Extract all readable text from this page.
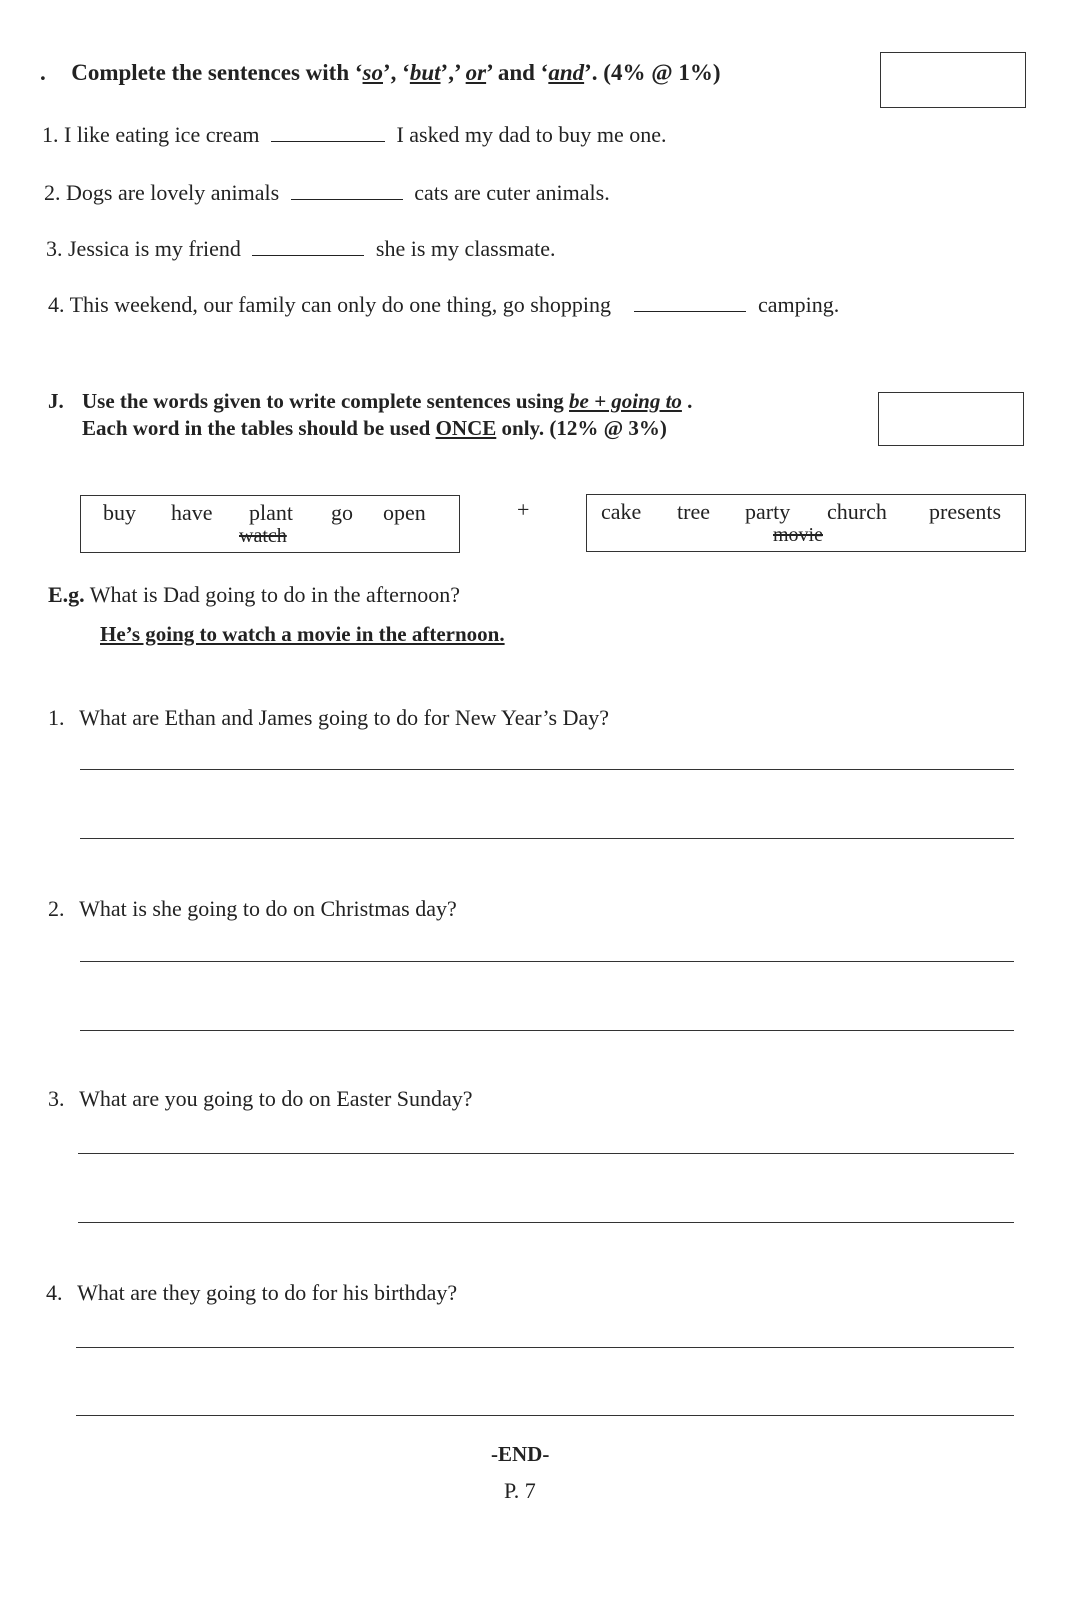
. Complete the sentences with ‘so’, ‘but’,’ or’ and ‘and’. (4% @ 1%)
1. I like eating ice cream	I asked my dad to buy me one.
2. Dogs are lovely animals	cats are cuter animals.
3. Jessica is my friend	she is my classmate.
4. This weekend, our family can only do one thing, go shopping	camping.
J. Use the words given to write complete sentences using be + going to .
Each word in the tables should be used ONCE only. (12% @ 3%)
buy have plant go open
watch
+	cake tree party church presents
movie
E.g. What is Dad going to do in the afternoon?
He’s going to watch a movie in the afternoon.
1. What are Ethan and James going to do for New Year’s Day?
2. What is she going to do on Christmas day?
3. What are you going to do on Easter Sunday?
4. What are they going to do for his birthday?
-END-
P. 7
